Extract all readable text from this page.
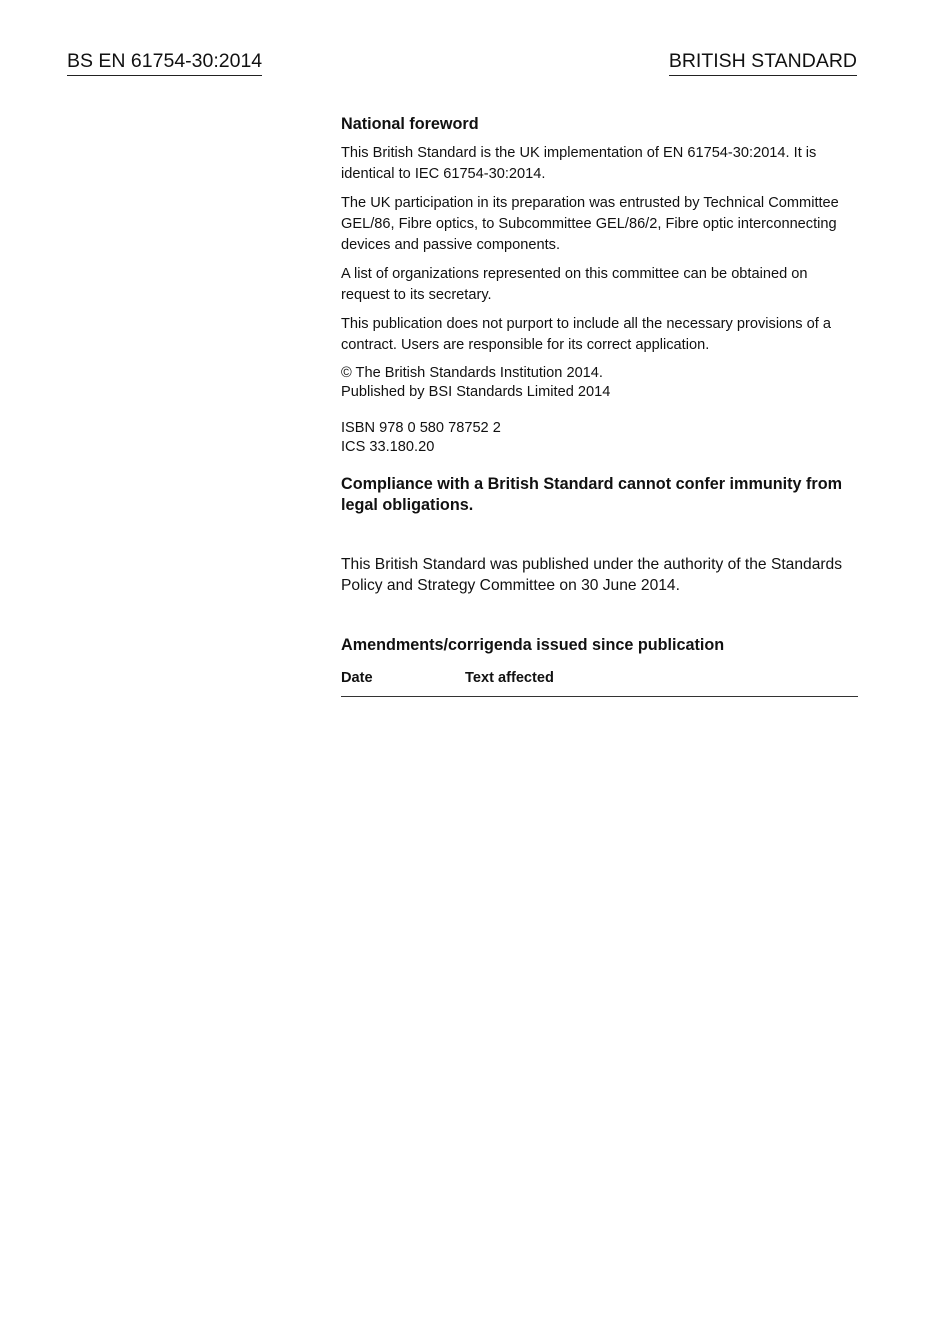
BS EN 61754-30:2014	BRITISH STANDARD
National foreword
This British Standard is the UK implementation of EN 61754-30:2014. It is identical to IEC 61754-30:2014.
The UK participation in its preparation was entrusted by Technical Committee GEL/86, Fibre optics, to Subcommittee GEL/86/2, Fibre optic interconnecting devices and passive components.
A list of organizations represented on this committee can be obtained on request to its secretary.
This publication does not purport to include all the necessary provisions of a contract. Users are responsible for its correct application.
© The British Standards Institution 2014.
Published by BSI Standards Limited 2014
ISBN 978 0 580 78752 2
ICS 33.180.20
Compliance with a British Standard cannot confer immunity from legal obligations.
This British Standard was published under the authority of the Standards Policy and Strategy Committee on 30 June 2014.
Amendments/corrigenda issued since publication
Date	Text affected
